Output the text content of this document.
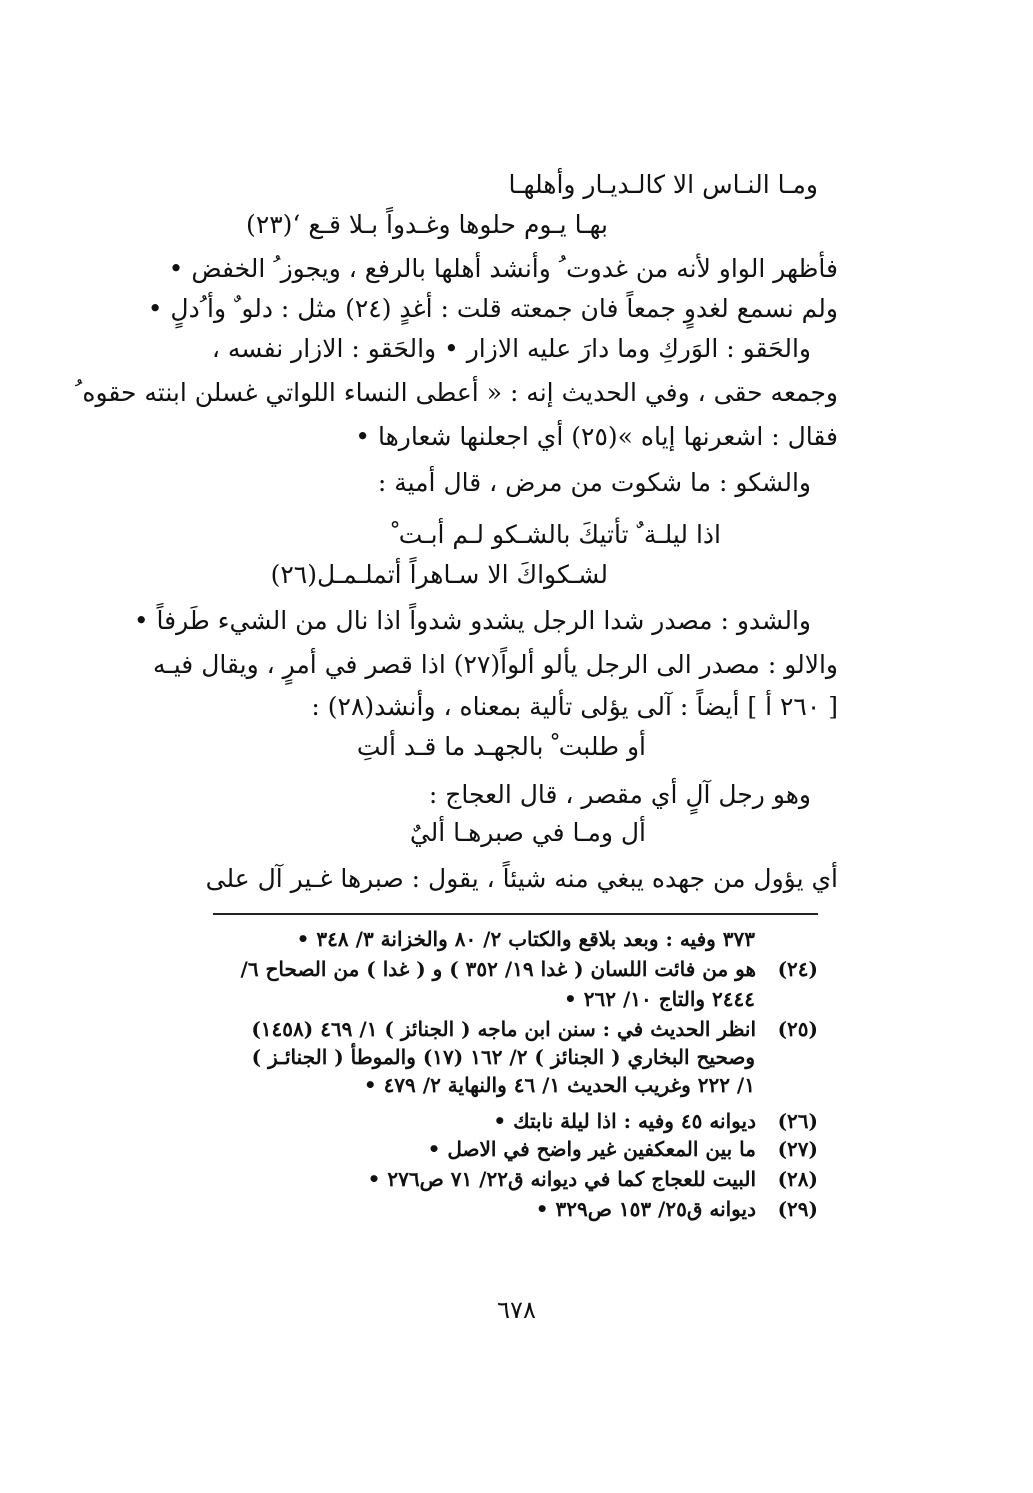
ومـا النـاس الا كالـديـار وأهلهـا
بهـا يـوم حلوها وغـدواً بـلا قـع ‘(٢٣)
فأظهر الواو لأنه من غدوت ُ وأنشد أهلها بالرفع ، ويجوز ُ الخفض •
ولم نسمع لغدوٍ جمعاً فان جمعته قلت : أغدٍ (٢٤) مثل : دلو ٌ وأ ُدلٍ •
والحَقو : الوَركِ وما دارَ عليه الازار • والحَقو : الازار نفسه ،
وجمعه حقى ، وفي الحديث إنه : « أعطى النساء اللواتي غسلن ابنته حقوه ُ
فقال : اشعرنها إياه »(٢٥) أي اجعلنها شعارها •
والشكو : ما شكوت من مرض ، قال أمية :
اذا ليلـة ٌ تأتيكَ بالشـكو لـم أبـت ْ
لشـكواكَ الا سـاهراً أتملـمـل(٢٦)
والشدو : مصدر شدا الرجل يشدو شدواً اذا نال من الشيء طَرفاً •
والالو : مصدر الى الرجل يألو ألواً(٢٧) اذا قصر في أمرٍ ، ويقال فيـه
[ ٢٦٠ أ ] أيضاً : آلى يؤلى تألية بمعناه ، وأنشد(٢٨) :
أو طلبت ْ بالجهـد ما قـد ألتِ
وهو رجل آلٍ أي مقصر ، قال العجاج :
أل ومـا في صبرهـا أليٌ
أي يؤول من جهده يبغي منه شيئاً ، يقول : صبرها غـير آل على
٣٧٣ وفيه : وبعد بلاقع والكتاب ٢/ ٨٠ والخزانة ٣/ ٣٤٨ •
(٢٤)هو من فائت اللسان ( غدا ١٩/ ٣٥٢ ) و ( غدا ) من الصحاح ٦/
٢٤٤٤ والتاج ١٠/ ٢٦٢ •
(٢٥)انظر الحديث في : سنن ابن ماجه ( الجنائز ) ١/ ٤٦٩ (١٤٥٨)
وصحيح البخاري ( الجنائز ) ٢/ ١٦٢ (١٧) والموطأ ( الجنائـز )
١/ ٢٢٢ وغريب الحديث ١/ ٤٦ والنهاية ٢/ ٤٧٩ •
(٢٦)ديوانه ٤٥ وفيه : اذا ليلة نابتك •
(٢٧)ما بين المعكفين غير واضح في الاصل •
(٢٨)البيت للعجاج كما في ديوانه ق٢٢/ ٧١ ص٢٧٦ •
(٢٩)ديوانه ق٢٥/ ١٥٣ ص٣٢٩ •
٦٧٨
